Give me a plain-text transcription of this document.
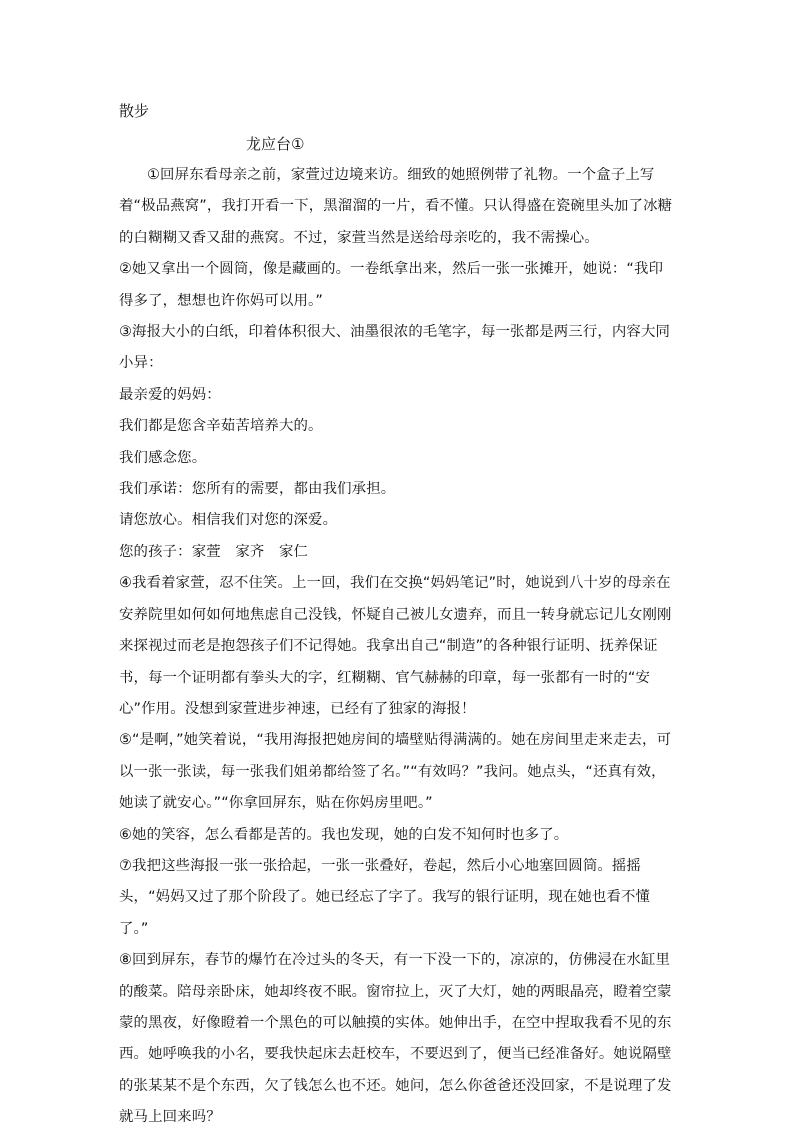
散步
龙应台①

①回屏东看母亲之前，家萱过边境来访。细致的她照例带了礼物。一个盒子上写着“极品燕窝”，我打开看一下，黑溜溜的一片，看不懂。只认得盛在瓷碗里头加了冰糖的白糊糊又香又甜的燕窝。不过，家萱当然是送给母亲吃的，我不需操心。

②她又拿出一个圆筒，像是藏画的。一卷纸拿出来，然后一张一张摊开，她说：“我印得多了，想想也许你妈可以用。”

③海报大小的白纸，印着体积很大、油墨很浓的毛笔字，每一张都是两三行，内容大同小异：

最亲爱的妈妈：

我们都是您含辛茹苦培养大的。

我们感念您。

我们承诺：您所有的需要，都由我们承担。

请您放心。相信我们对您的深爱。

您的孩子：家萱　家齐　家仁

④我看着家萱，忍不住笑。上一回，我们在交换“妈妈笔记”时，她说到八十岁的母亲在安养院里如何如何地焦虑自己没钱，怀疑自己被儿女遗弃，而且一转身就忘记儿女刚刚来探视过而老是抱怨孩子们不记得她。我拿出自己“制造”的各种银行证明、抚养保证书，每一个证明都有拳头大的字，红糊糊、官气赫赫的印章，每一张都有一时的“安心”作用。没想到家萱进步神速，已经有了独家的海报！

⑤“是啊，”她笑着说，“我用海报把她房间的墙壁贴得满满的。她在房间里走来走去，可以一张一张读，每一张我们姐弟都给签了名。”“有效吗？”我问。她点头，“还真有效，她读了就安心。”“你拿回屏东，贴在你妈房里吧。”

⑥她的笑容，怎么看都是苦的。我也发现，她的白发不知何时也多了。

⑦我把这些海报一张一张拾起，一张一张叠好，卷起，然后小心地塞回圆筒。摇摇头，“妈妈又过了那个阶段了。她已经忘了字了。我写的银行证明，现在她也看不懂了。”

⑧回到屏东，春节的爆竹在冷过头的冬天，有一下没一下的，凉凉的，仿佛浸在水缸里的酸菜。陪母亲卧床，她却终夜不眠。窗帘拉上，灭了大灯，她的两眼晶亮，瞪着空蒙蒙的黑夜，好像瞪着一个黑色的可以触摸的实体。她伸出手，在空中捏取我看不见的东西。她呼唤我的小名，要我快起床去赶校车，不要迟到了，便当已经准备好。她说隔壁的张某某不是个东西，欠了钱怎么也不还。她问，怎么你爸爸还没回家，不是说理了发就马上回来吗？
